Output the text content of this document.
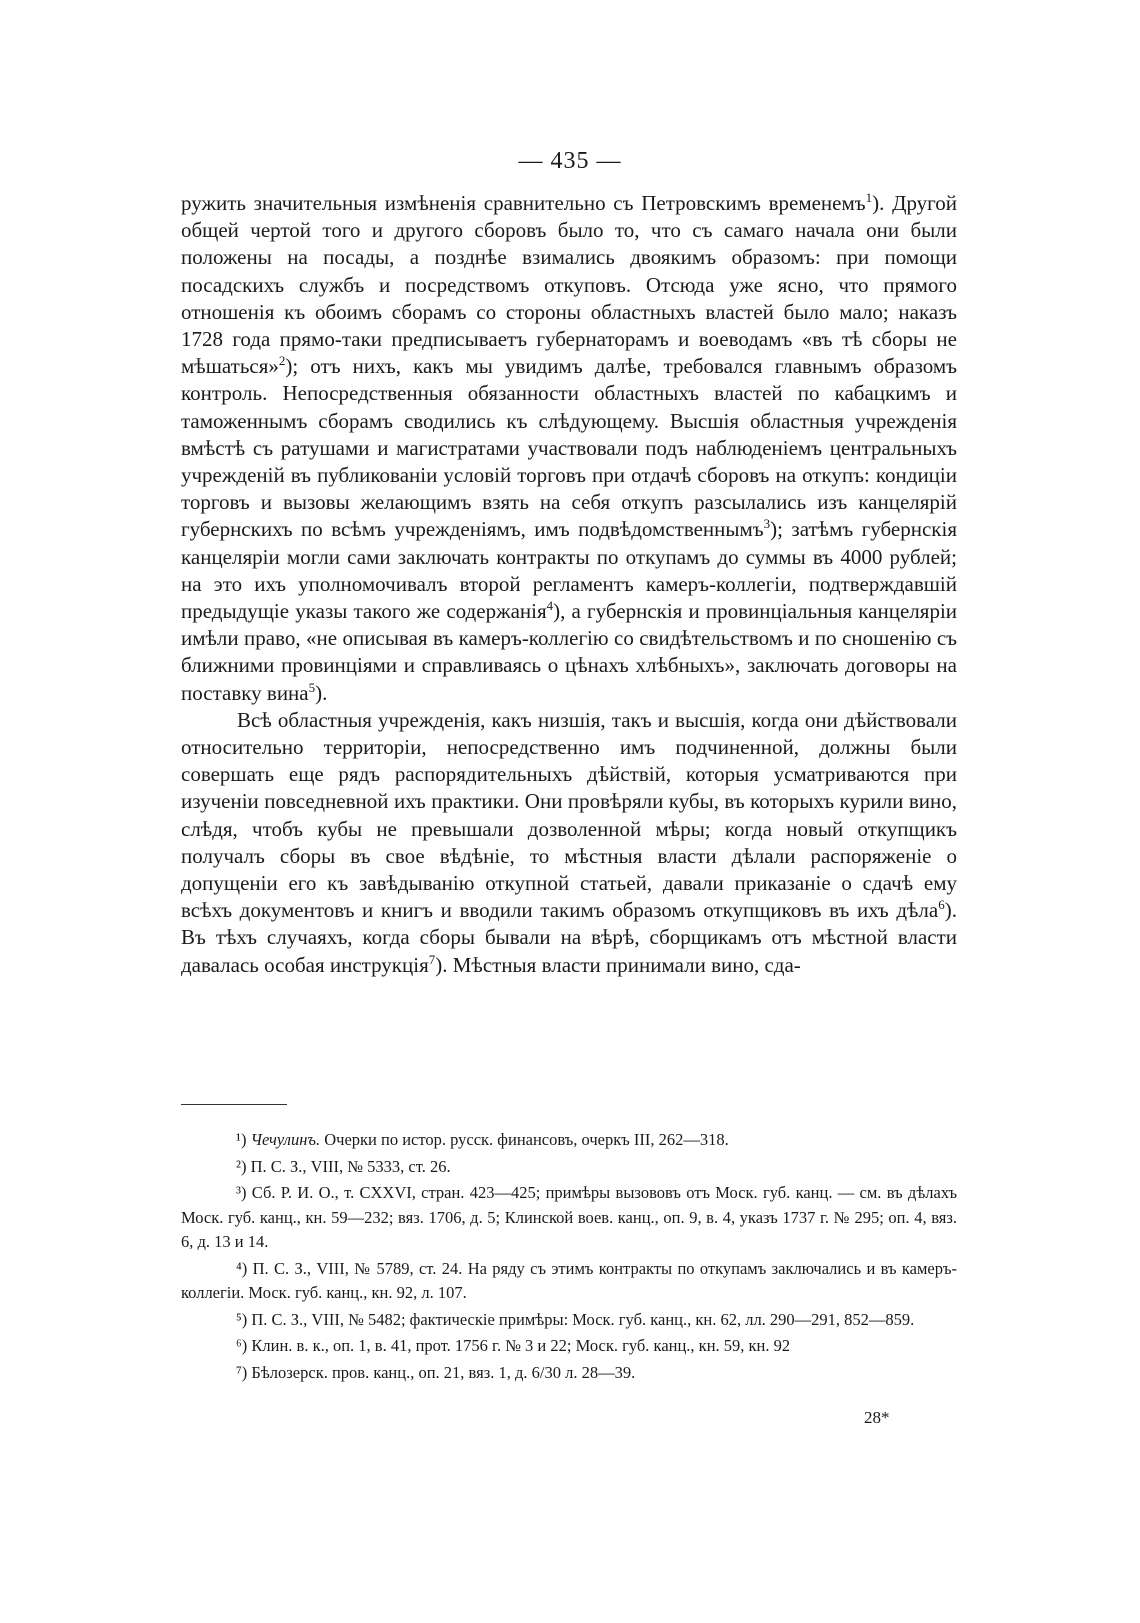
— 435 —

ружить значительныя измѣненія сравнительно съ Петровскимъ временемъ$^1$). Другой общей чертой того и другого сборовъ было то, что съ самаго начала они были положены на посады, а позднѣе взимались двоякимъ образомъ: при помощи посадскихъ службъ и посредствомъ откуповъ. Отсюда уже ясно, что прямого отношенія къ обоимъ сборамъ со стороны областныхъ властей было мало; наказъ 1728 года прямо-таки предписываетъ губернаторамъ и воеводамъ «въ тѣ сборы не мѣшаться»$^2$); отъ нихъ, какъ мы увидимъ далѣе, требовался главнымъ образомъ контроль. Непосредственныя обязанности областныхъ властей по кабацкимъ и таможеннымъ сборамъ сводились къ слѣдующему. Высшія областныя учрежденія вмѣстѣ съ ратушами и магистратами участвовали подъ наблюденіемъ центральныхъ учрежденій въ публикованіи условій торговъ при отдачѣ сборовъ на откупъ: кондиціи торговъ и вызовы желающимъ взять на себя откупъ разсылались изъ канцелярій губернскихъ по всѣмъ учрежденіямъ, имъ подвѣдомственнымъ$^3$); затѣмъ губернскія канцеляріи могли сами заключать контракты по откупамъ до суммы въ 4000 рублей; на это ихъ уполномочивалъ второй регламентъ камеръ-коллегіи, подтверждавшій предыдущіе указы такого же содержанія$^4$), а губернскія и провинціальныя канцеляріи имѣли право, «не описывая въ камеръ-коллегію со свидѣтельствомъ и по сношенію съ ближними провинціями и справливаясь о цѣнахъ хлѣбныхъ», заключать договоры на поставку вина$^5$).

Всѣ областныя учрежденія, какъ низшія, такъ и высшія, когда они дѣйствовали относительно территоріи, непосредственно имъ подчиненной, должны были совершать еще рядъ распорядительныхъ дѣйствій, которыя усматриваются при изученіи повседневной ихъ практики. Они провѣряли кубы, въ которыхъ курили вино, слѣдя, чтобъ кубы не превышали дозволенной мѣры; когда новый откупщикъ получалъ сборы въ свое вѣдѣніе, то мѣстныя власти дѣлали распоряженіе о допущеніи его къ завѣдыванію откупной статьей, давали приказаніе о сдачѣ ему всѣхъ документовъ и книгъ и вводили такимъ образомъ откупщиковъ въ ихъ дѣла$^6$). Въ тѣхъ случаяхъ, когда сборы бывали на вѣрѣ, сборщикамъ отъ мѣстной власти давалась особая инструкція$^7$). Мѣстныя власти принимали вино, сда-

¹) Чечулинъ. Очерки по истор. русск. финансовъ, очеркъ III, 262—318.

²) П. С. З., VIII, № 5333, ст. 26.

³) Сб. Р. И. О., т. CXXVI, стран. 423—425; примѣры вызововъ отъ Моск. губ. канц. — см. въ дѣлахъ Моск. губ. канц., кн. 59—232; вяз. 1706, д. 5; Клинской воев. канц., оп. 9, в. 4, указъ 1737 г. № 295; оп. 4, вяз. 6, д. 13 и 14.

⁴) П. С. З., VIII, № 5789, ст. 24. На ряду съ этимъ контракты по откупамъ заключались и въ камеръ-коллегіи. Моск. губ. канц., кн. 92, л. 107.

⁵) П. С. З., VIII, № 5482; фактическіе примѣры: Моск. губ. канц., кн. 62, лл. 290—291, 852—859.

⁶) Клин. в. к., оп. 1, в. 41, прот. 1756 г. № 3 и 22; Моск. губ. канц., кн. 59, кн. 92

⁷) Бѣлозерск. пров. канц., оп. 21, вяз. 1, д. 6/30 л. 28—39.

28*
